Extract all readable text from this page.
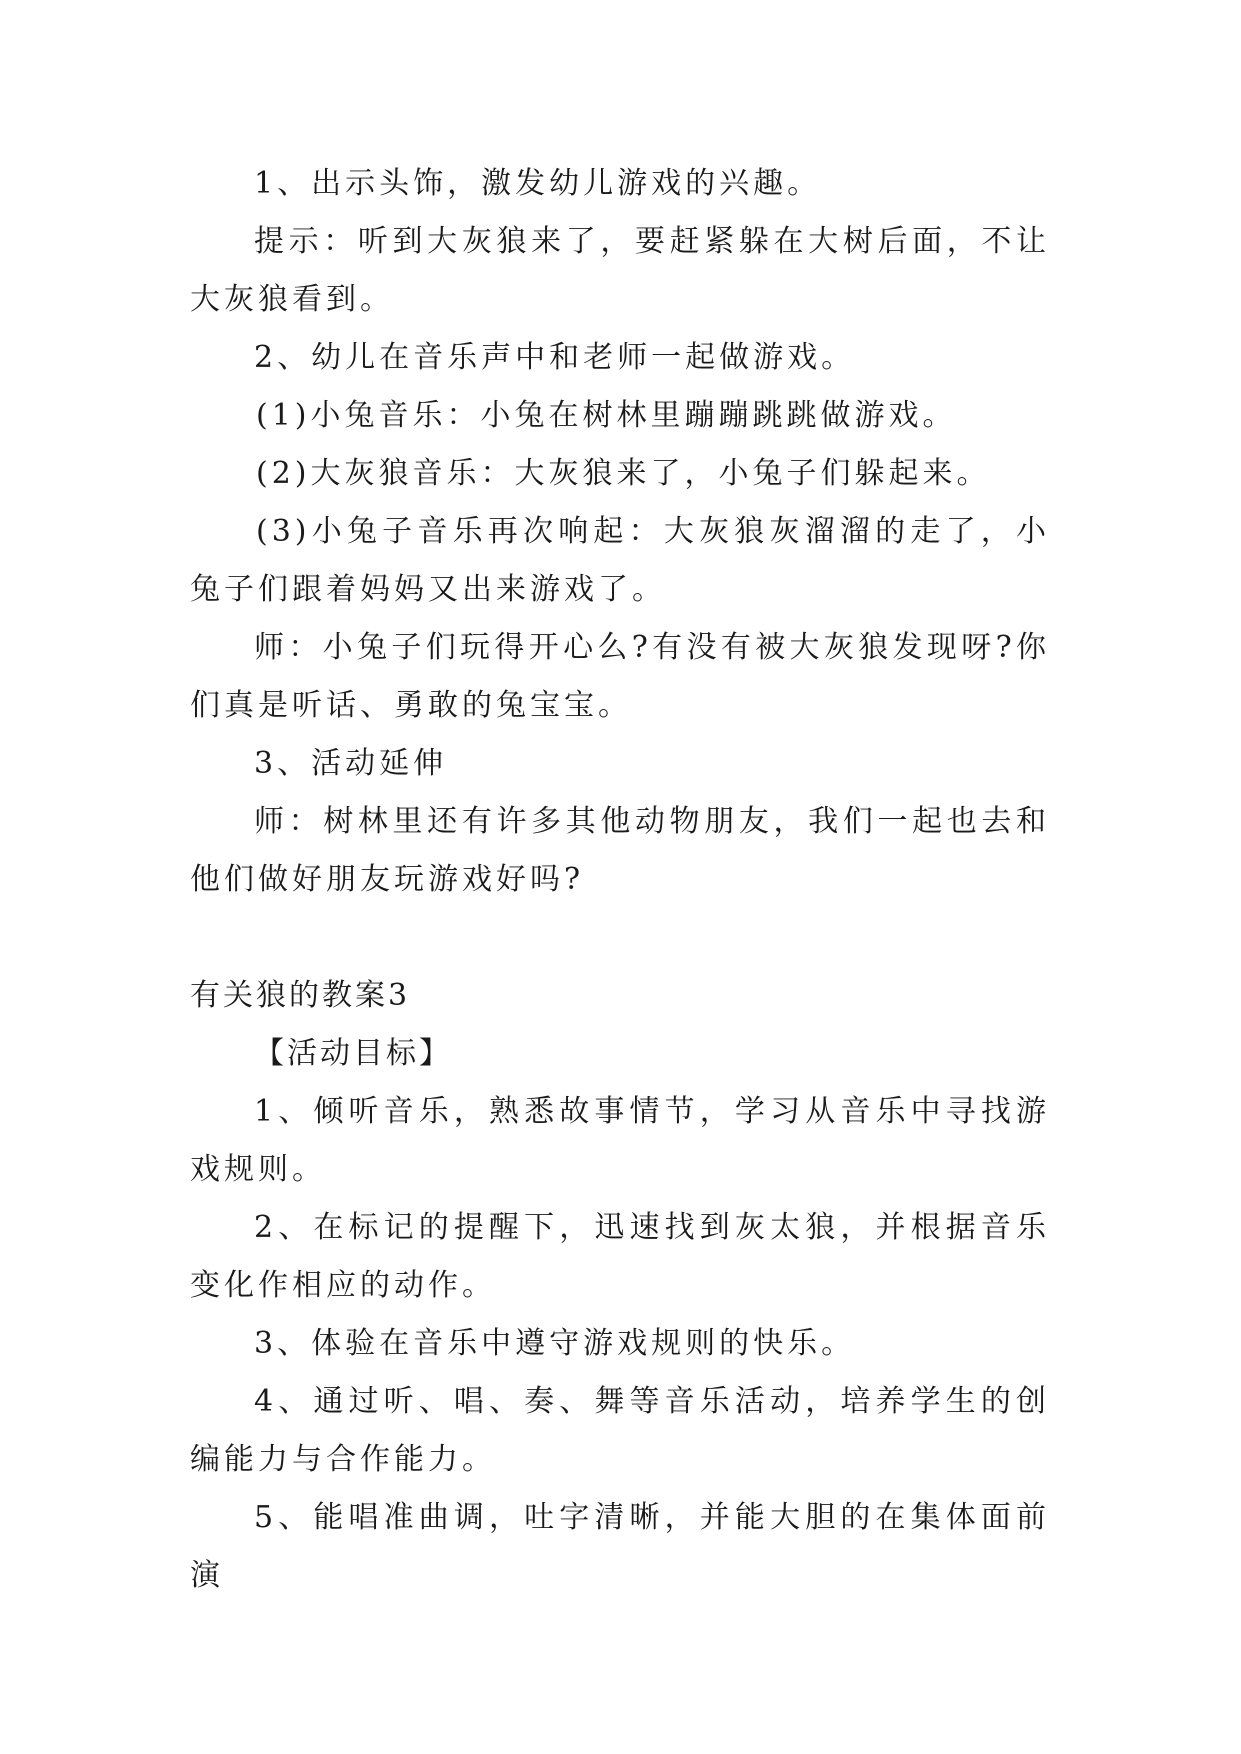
1、出示头饰，激发幼儿游戏的兴趣。

提示：听到大灰狼来了，要赶紧躲在大树后面，不让大灰狼看到。

2、幼儿在音乐声中和老师一起做游戏。

(1)小兔音乐：小兔在树林里蹦蹦跳跳做游戏。

(2)大灰狼音乐：大灰狼来了，小兔子们躲起来。

(3)小兔子音乐再次响起：大灰狼灰溜溜的走了，小兔子们跟着妈妈又出来游戏了。

师：小兔子们玩得开心么?有没有被大灰狼发现呀?你们真是听话、勇敢的兔宝宝。

3、活动延伸

师：树林里还有许多其他动物朋友，我们一起也去和他们做好朋友玩游戏好吗?

有关狼的教案3

【活动目标】

1、倾听音乐，熟悉故事情节，学习从音乐中寻找游戏规则。

2、在标记的提醒下，迅速找到灰太狼，并根据音乐变化作相应的动作。

3、体验在音乐中遵守游戏规则的快乐。

4、通过听、唱、奏、舞等音乐活动，培养学生的创编能力与合作能力。

5、能唱准曲调，吐字清晰，并能大胆的在集体面前演
